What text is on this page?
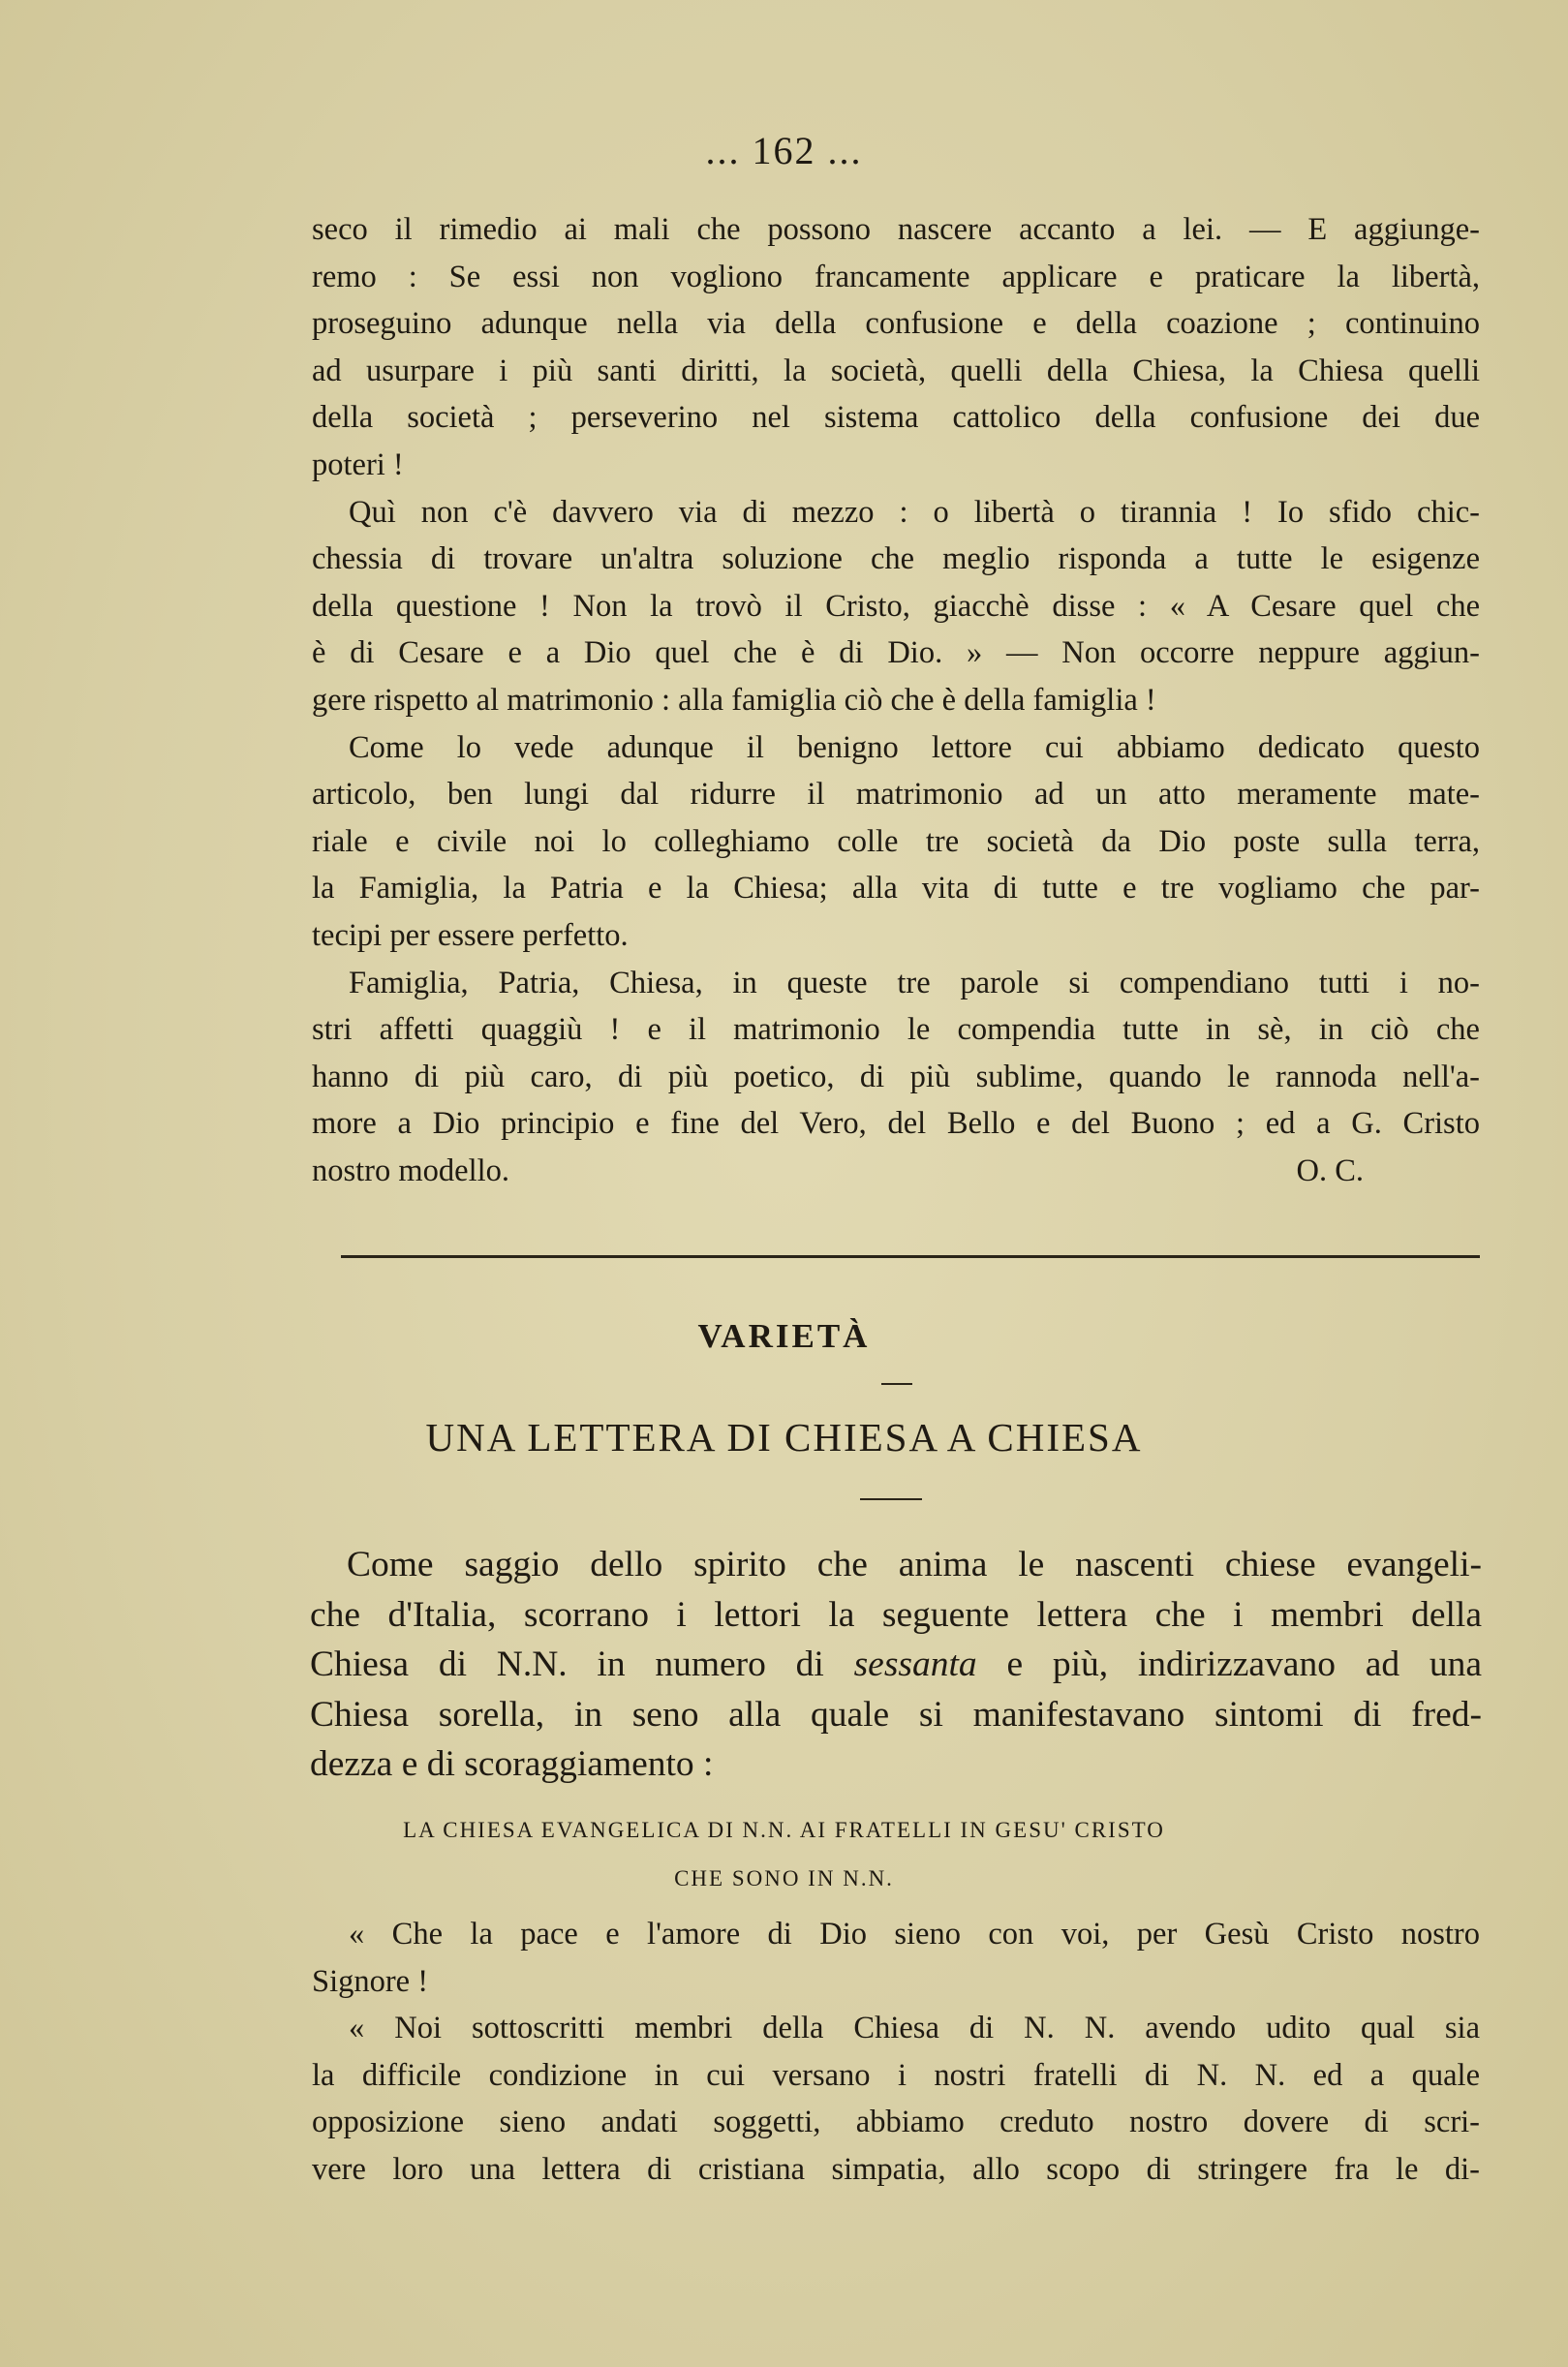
... 162 ...
seco il rimedio ai mali che possono nascere accanto a lei. — E aggiunge-
remo : Se essi non vogliono francamente applicare e praticare la libertà,
proseguino adunque nella via della confusione e della coazione ; continuino
ad usurpare i più santi diritti, la società, quelli della Chiesa, la Chiesa quelli
della società ; perseverino nel sistema cattolico della confusione dei due
poteri !
Quì non c'è davvero via di mezzo : o libertà o tirannia ! Io sfido chic-
chessia di trovare un'altra soluzione che meglio risponda a tutte le esigenze
della questione ! Non la trovò il Cristo, giacchè disse : « A Cesare quel che
è di Cesare e a Dio quel che è di Dio. » — Non occorre neppure aggiun-
gere rispetto al matrimonio : alla famiglia ciò che è della famiglia !
Come lo vede adunque il benigno lettore cui abbiamo dedicato questo
articolo, ben lungi dal ridurre il matrimonio ad un atto meramente mate-
riale e civile noi lo colleghiamo colle tre società da Dio poste sulla terra,
la Famiglia, la Patria e la Chiesa; alla vita di tutte e tre vogliamo che par-
tecipi per essere perfetto.
Famiglia, Patria, Chiesa, in queste tre parole si compendiano tutti i no-
stri affetti quaggiù ! e il matrimonio le compendia tutte in sè, in ciò che
hanno di più caro, di più poetico, di più sublime, quando le rannoda nell'a-
more a Dio principio e fine del Vero, del Bello e del Buono ; ed a G. Cristo
nostro modello.	O. C.
VARIETÀ
UNA LETTERA DI CHIESA A CHIESA
Come saggio dello spirito che anima le nascenti chiese evangeli-
che d'Italia, scorrano i lettori la seguente lettera che i membri della
Chiesa di N.N. in numero di sessanta e più, indirizzavano ad una
Chiesa sorella, in seno alla quale si manifestavano sintomi di fred-
dezza e di scoraggiamento :
LA CHIESA EVANGELICA DI N.N. AI FRATELLI IN GESU' CRISTO
CHE SONO IN N.N.
« Che la pace e l'amore di Dio sieno con voi, per Gesù Cristo nostro
Signore !
« Noi sottoscritti membri della Chiesa di N. N. avendo udito qual sia
la difficile condizione in cui versano i nostri fratelli di N. N. ed a quale
opposizione sieno andati soggetti, abbiamo creduto nostro dovere di scri-
vere loro una lettera di cristiana simpatia, allo scopo di stringere fra le di-
